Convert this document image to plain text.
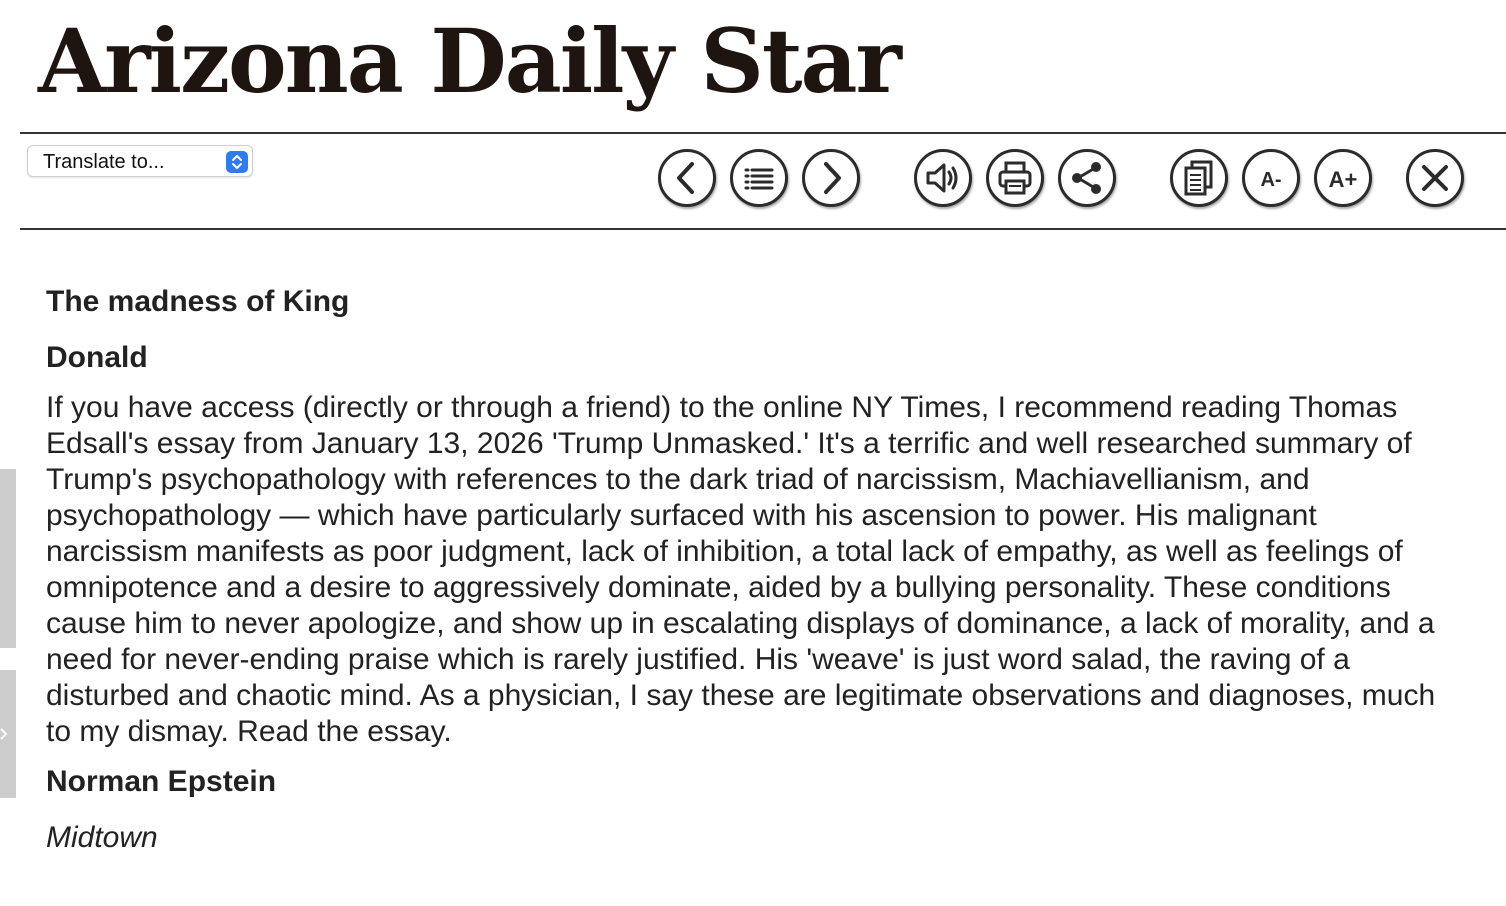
Arizona Daily Star
Translate to...
A- A+
The madness of King Donald

If you have access (directly or through a friend) to the online NY Times, I recommend reading Thomas Edsall's essay from January 13, 2026 'Trump Unmasked.' It's a terrific and well researched summary of Trump's psychopathology with references to the dark triad of narcissism, Machiavellianism, and psychopathology — which have particularly surfaced with his ascension to power. His malignant narcissism manifests as poor judgment, lack of inhibition, a total lack of empathy, as well as feelings of omnipotence and a desire to aggressively dominate, aided by a bullying personality. These conditions cause him to never apologize, and show up in escalating displays of dominance, a lack of morality, and a need for never-ending praise which is rarely justified. His 'weave' is just word salad, the raving of a disturbed and chaotic mind. As a physician, I say these are legitimate observations and diagnoses, much to my dismay. Read the essay.

Norman Epstein

Midtown
